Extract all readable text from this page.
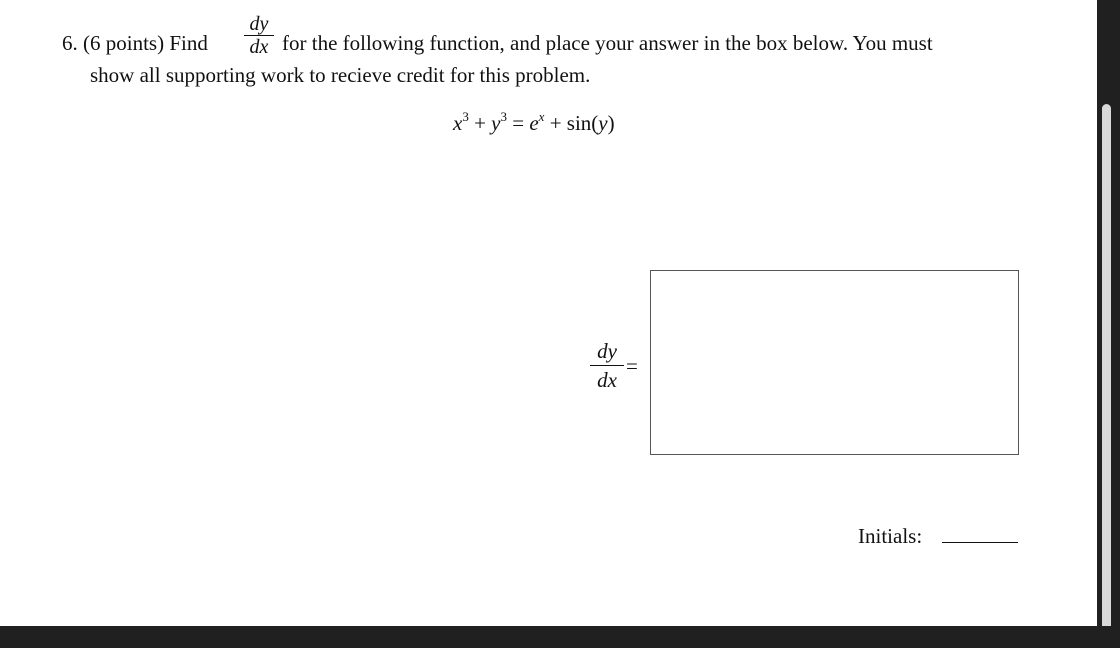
6. (6 points) Find
dy
dx for the following function, and place your answer in the box below. You must
show all supporting work to recieve credit for this problem.
$x^3 + y^3 = e^x + \sin(y)$
dy
dx
=
Initials:
